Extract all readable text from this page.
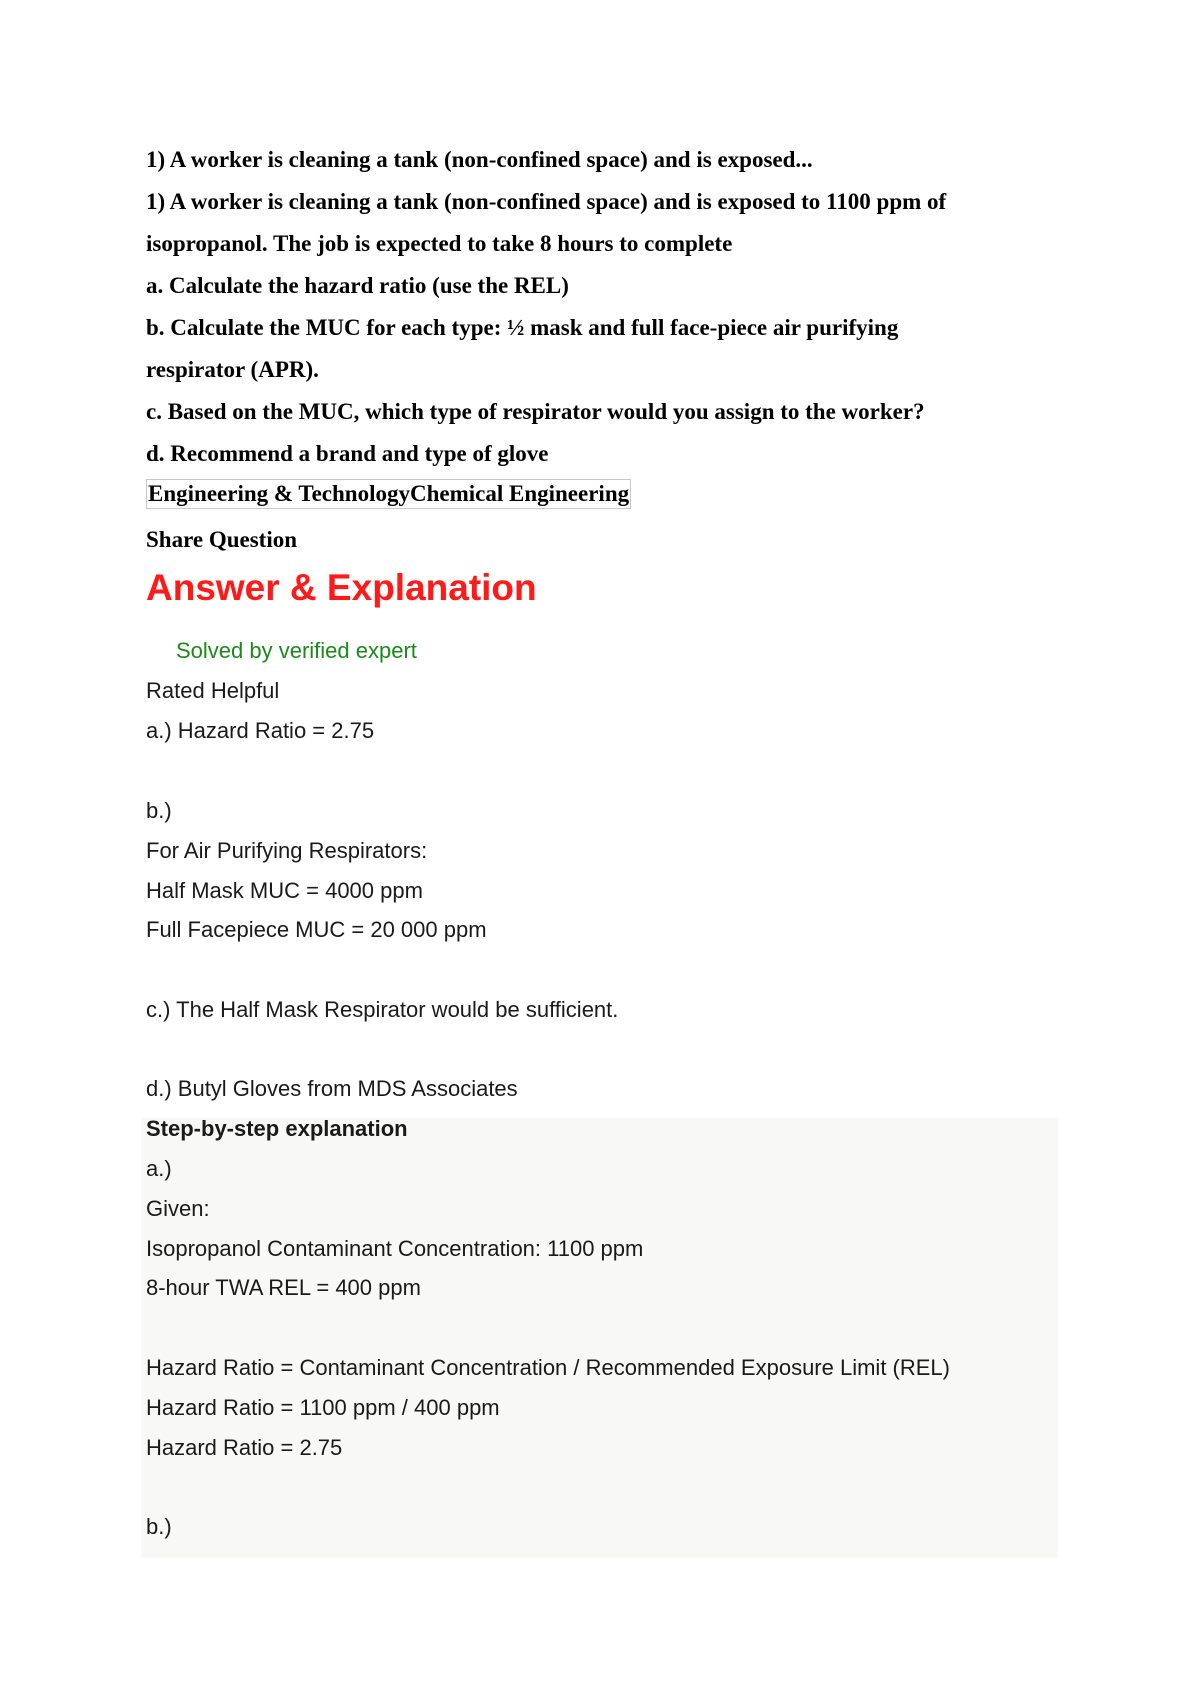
1) A worker is cleaning a tank (non-confined space) and is exposed...

1) A worker is cleaning a tank (non-confined space) and is exposed to 1100 ppm of

isopropanol. The job is expected to take 8 hours to complete

a. Calculate the hazard ratio (use the REL)

b. Calculate the MUC for each type: ½ mask and full face-piece air purifying

respirator (APR).

c. Based on the MUC, which type of respirator would you assign to the worker?

d. Recommend a brand and type of glove

Engineering & TechnologyChemical Engineering

Share Question

Answer & Explanation
Solved by verified expert

Rated Helpful

a.) Hazard Ratio = 2.75

b.)

For Air Purifying Respirators:

Half Mask MUC = 4000 ppm

Full Facepiece MUC = 20 000 ppm

c.) The Half Mask Respirator would be sufficient.

d.) Butyl Gloves from MDS Associates

Step-by-step explanation

a.)

Given:

Isopropanol Contaminant Concentration: 1100 ppm

8-hour TWA REL = 400 ppm

Hazard Ratio = Contaminant Concentration / Recommended Exposure Limit (REL)

Hazard Ratio = 1100 ppm / 400 ppm

Hazard Ratio = 2.75

b.)
